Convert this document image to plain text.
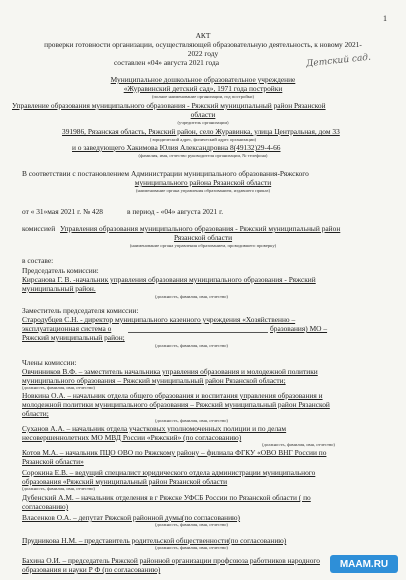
1
АКТ
проверки готовности организации, осуществляющей образовательную деятельность, к новому 2021-
2022 году
составлен «04» августа 2021 года	Детский сад.
Муниципальное дошкольное образовательное учреждение
«Журавинский детский сад», 1971 года постройки
(полное наименование организации, год постройки)
Управление образования муниципального образования - Ряжский муниципальный район Рязанской
области
(учредитель организации)
391986, Рязанская область, Ряжский район, село Журавинка, улица Центральная, дом 33
( юридический адрес, физический адрес организации)
и о заведующего Хакимова Юлия Александровна 8(49132)29-4-66
(фамилия, имя, отчество руководителя организации, № телефона)
В соответствии с постановлением Администрации муниципального образования-Ряжского
муниципального района Рязанской области
(наименование органа управления образованием, издавшего приказ)
от « 31»мая 2021 г. № 428	в период - «04» августа 2021 г.
комиссией Управления образования муниципального образования - Ряжский муниципальный район
Рязанской области
(наименование органа управления образованием, проводившего проверку)
в составе:
Председатель комиссии:
Кирсанова Г. В. -начальник управления образования муниципального образования - Ряжский
муниципальный район.
(должность, фамилия, имя, отчество)
Заместитель председателя комиссии:
Стародубцев С.Н. - директор муниципального казенного учреждения «Хозяйственно –
эксплуатационная система о	бразования) МО –
Ряжский муниципальный район;
(должность, фамилия, имя, отчество)
Члены комиссии:
Овчинников В.Ф. – заместитель начальника управления образования и молодежной политики
муниципального образования – Ряжский муниципальный район Рязанской области;
(должность, фамилия, имя, отчество)
Новкина О.А. – начальник отдела общего образования и воспитания управления образования и
молодежной политики муниципального образования – Ряжский муниципальный район Рязанской
области;
(должность, фамилия, имя, отчество)
Суханов А.А. – начальник отдела участковых уполномоченных полиции и по делам
несовершеннолетних МО МВД России «Ряжский» (по согласованию)
(должность, фамилия, имя, отчество)
Котов М.А. – начальник ПЦО ОВО по Ряжскому району – филиала ФГКУ «ОВО ВНГ России по
Рязанской области»
Сорокина Е.В. – ведущий специалист юридического отдела администрации муниципального
образования «Ряжский муниципальный район Рязанской области
(должность, фамилия, имя, отчество)
Дубенский А.М. – начальник отделения в г Ряжске УФСБ России по Рязанской области ( по
согласованию)
Власенков О.А. – депутат Ряжской районной думы(по согласованию)
(должность, фамилия, имя, отчество)
Прудникова Н.М. – представитель родительской общественности(по согласованию)
(должность, фамилия, имя, отчество)
Бахина О.И. – председатель Ряжской районной организации профсоюза работников народного
образования и науки Р Ф (по согласованию)	MAAM.RU
